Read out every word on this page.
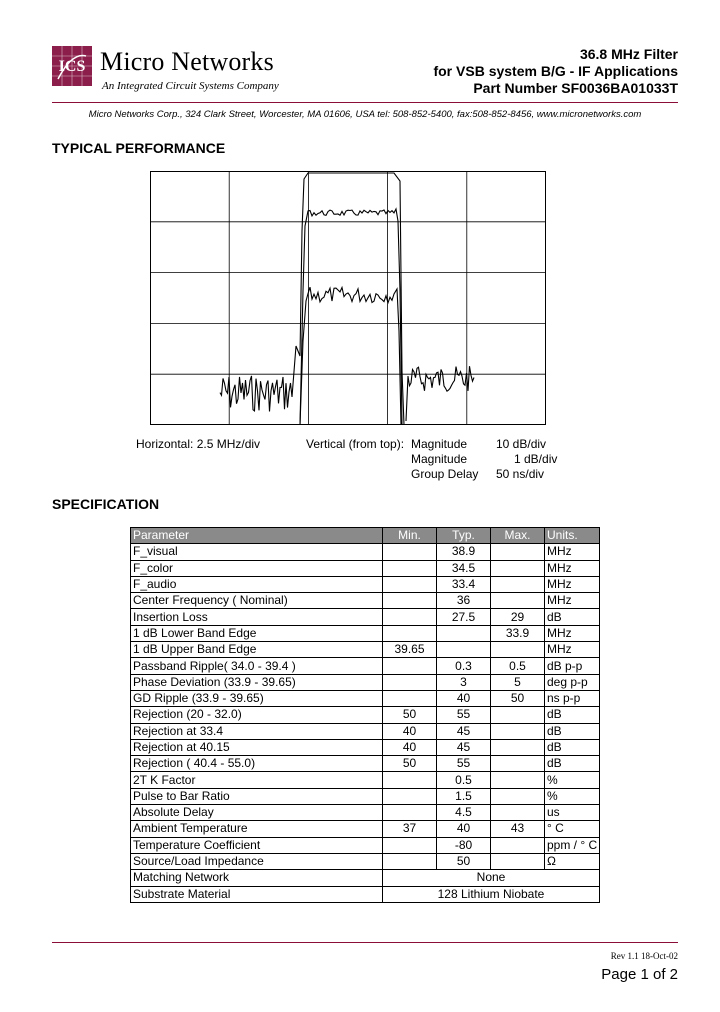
ICS Micro Networks
An Integrated Circuit Systems Company
36.8 MHz Filter
for VSB system B/G - IF Applications
Part Number SF0036BA01033T
Micro Networks Corp., 324 Clark Street, Worcester, MA 01606, USA tel: 508-852-5400, fax:508-852-8456, www.micronetworks.com
TYPICAL PERFORMANCE
Horizontal: 2.5 MHz/div	Vertical (from top): Magnitude
Magnitude
Group Delay
10 dB/div
1 dB/div
50 ns/div
SPECIFICATION
Parameter	Min.	Typ.	Max.	Units.
F_visual		38.9		MHz
F_color		34.5		MHz
F_audio		33.4		MHz
Center Frequency ( Nominal)		36		MHz
Insertion Loss		27.5	29	dB
1 dB Lower Band Edge			33.9	MHz
1 dB Upper Band Edge	39.65			MHz
Passband Ripple( 34.0 - 39.4 )		0.3	0.5	dB p-p
Phase Deviation (33.9 - 39.65)		3	5	deg p-p
GD Ripple (33.9 - 39.65)		40	50	ns p-p
Rejection (20 - 32.0)	50	55		dB
Rejection at 33.4	40	45		dB
Rejection at 40.15	40	45		dB
Rejection ( 40.4 - 55.0)	50	55		dB
2T K Factor		0.5		%
Pulse to Bar Ratio		1.5		%
Absolute Delay		4.5		us
Ambient Temperature	37	40	43	° C
Temperature Coefficient		-80		ppm / ° C
Source/Load Impedance		50		Ω
Matching Network	None			
Substrate Material	128 Lithium Niobate			
Rev 1.1 18-Oct-02
Page 1 of 2
